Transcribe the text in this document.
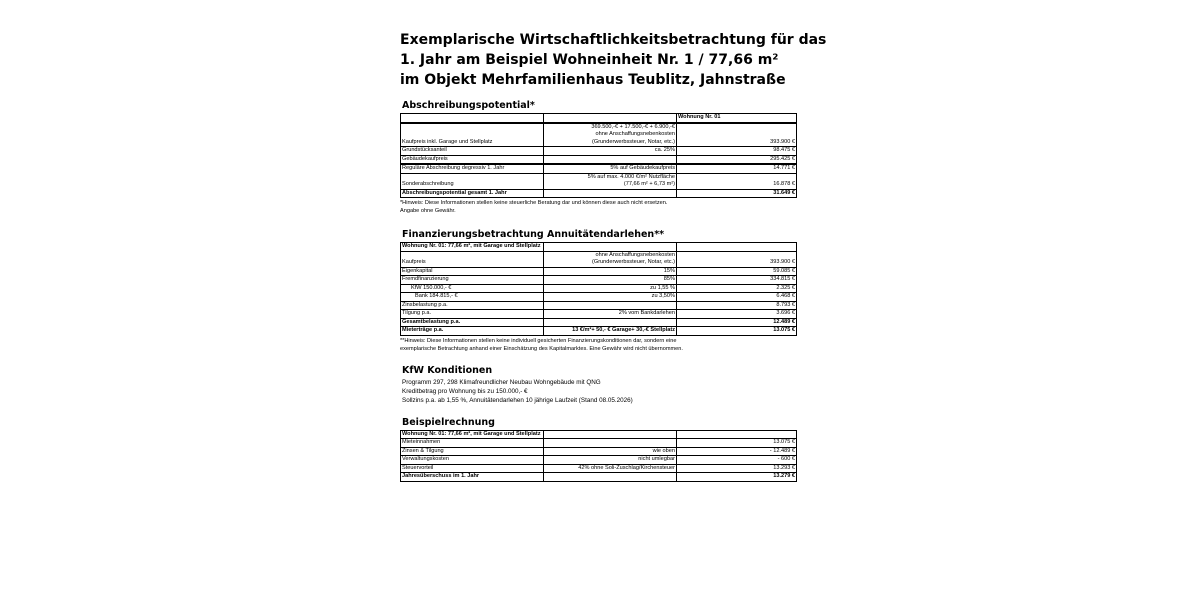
Exemplarische Wirtschaftlichkeitsbetrachtung für das
1. Jahr am Beispiel Wohneinheit Nr. 1 / 77,66 m²
im Objekt Mehrfamilienhaus Teublitz, Jahnstraße
Abschreibungspotential*
		Wohnung Nr. 01

Kaufpreis inkl. Garage und Stellplatz	369.500,-€ + 17.500,-€ + 6.900,-€
ohne Anschaffungsnebenkosten
(Grunderwerbssteuer, Notar, etc.)	393.900 €
Grundstücksanteil	ca. 25%	98.475 €
Gebäudekaufpreis		295.425 €

Reguläre Abschreibung degressiv 1. Jahr	5% auf Gebäudekaufpreis	14.771 €
Sonderabschreibung	5% auf max. 4.000 €/m² Nutzfläche
(77,66 m² + 6,73 m²)	16.878 €
Abschreibungspotential gesamt 1. Jahr		31.649 €
*Hinweis: Diese Informationen stellen keine steuerliche Beratung dar und können diese auch nicht ersetzen.
Angabe ohne Gewähr.
Finanzierungsbetrachtung Annuitätendarlehen**
Wohnung Nr. 01: 77,66 m², mit Garage und Stellplatz		
Kaufpreis	ohne Anschaffungsnebenkosten
(Grunderwerbssteuer, Notar, etc.)	393.900 €
Eigenkapital	15%	59.085 €
Fremdfinanzierung	85%	334.815 €
KfW 150.000,- €	zu 1,55 %	2.325 €
Bank 184.815,- €	zu 3,50%	6.468 €
Zinsbelastung p.a.		8.793 €
Tilgung p.a.	2% vom Bankdarlehen	3.696 €
Gesamtbelastung p.a.		12.489 €
Mieterträge p.a.	13 €/m²+ 50,- € Garage+ 30,-€ Stellplatz	13.075 €
**Hinweis: Diese Informationen stellen keine individuell gesicherten Finanzierungskonditionen dar, sondern eine
exemplarische Betrachtung anhand einer Einschätzung des Kapitalmarktes. Eine Gewähr wird nicht übernommen.
KfW Konditionen
Programm 297, 298 Klimafreundlicher Neubau Wohngebäude mit QNG
Kreditbetrag pro Wohnung bis zu 150.000,- €
Sollzins p.a. ab 1,55 %, Annuitätendarlehen 10 jährige Laufzeit (Stand 08.05.2026)
Beispielrechnung
Wohnung Nr. 01: 77,66 m², mit Garage und Stellplatz		
Mieteinnahmen		13.075 €
Zinsen & Tilgung	wie oben	- 12.489 €
Verwaltungskosten	nicht umlegbar	- 600 €
Steuervorteil	42% ohne Soli-Zuschlag/Kirchensteuer	13.293 €
Jahresüberschuss im 1. Jahr		13.279 €
